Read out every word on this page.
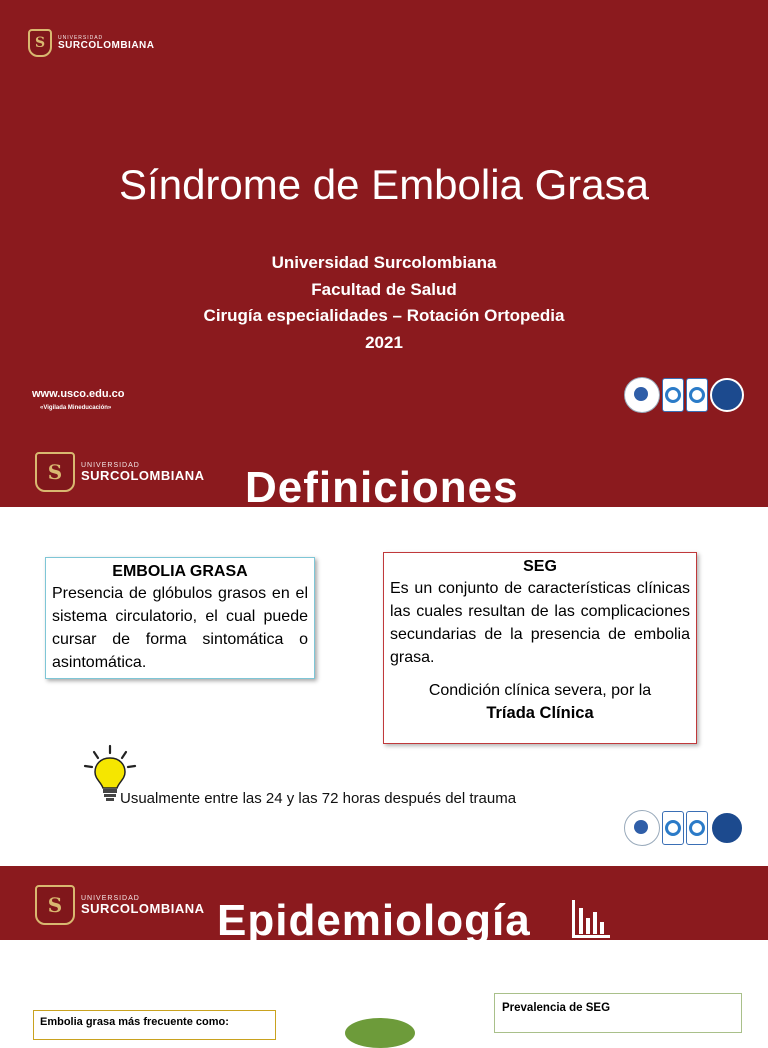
S	UNIVERSIDAD
SURCOLOMBIANA
Síndrome de Embolia Grasa
Universidad Surcolombiana
Facultad de Salud
Cirugía especialidades – Rotación Ortopedia
2021
www.usco.edu.co
«Vigilada Mineducación»
S	UNIVERSIDAD
SURCOLOMBIANA Definiciones
EMBOLIA GRASA
Presencia de glóbulos grasos en el sistema circulatorio, el cual puede cursar de forma sintomática o asintomática.
SEG
Es un conjunto de características clínicas las cuales resultan de las complicaciones secundarias de la presencia de embolia grasa.
Condición clínica severa, por la
Tríada Clínica
Usualmente entre las 24 y las 72 horas después del trauma
S	UNIVERSIDAD
SURCOLOMBIANA Epidemiología
Embolia grasa más frecuente como:
Prevalencia de SEG
